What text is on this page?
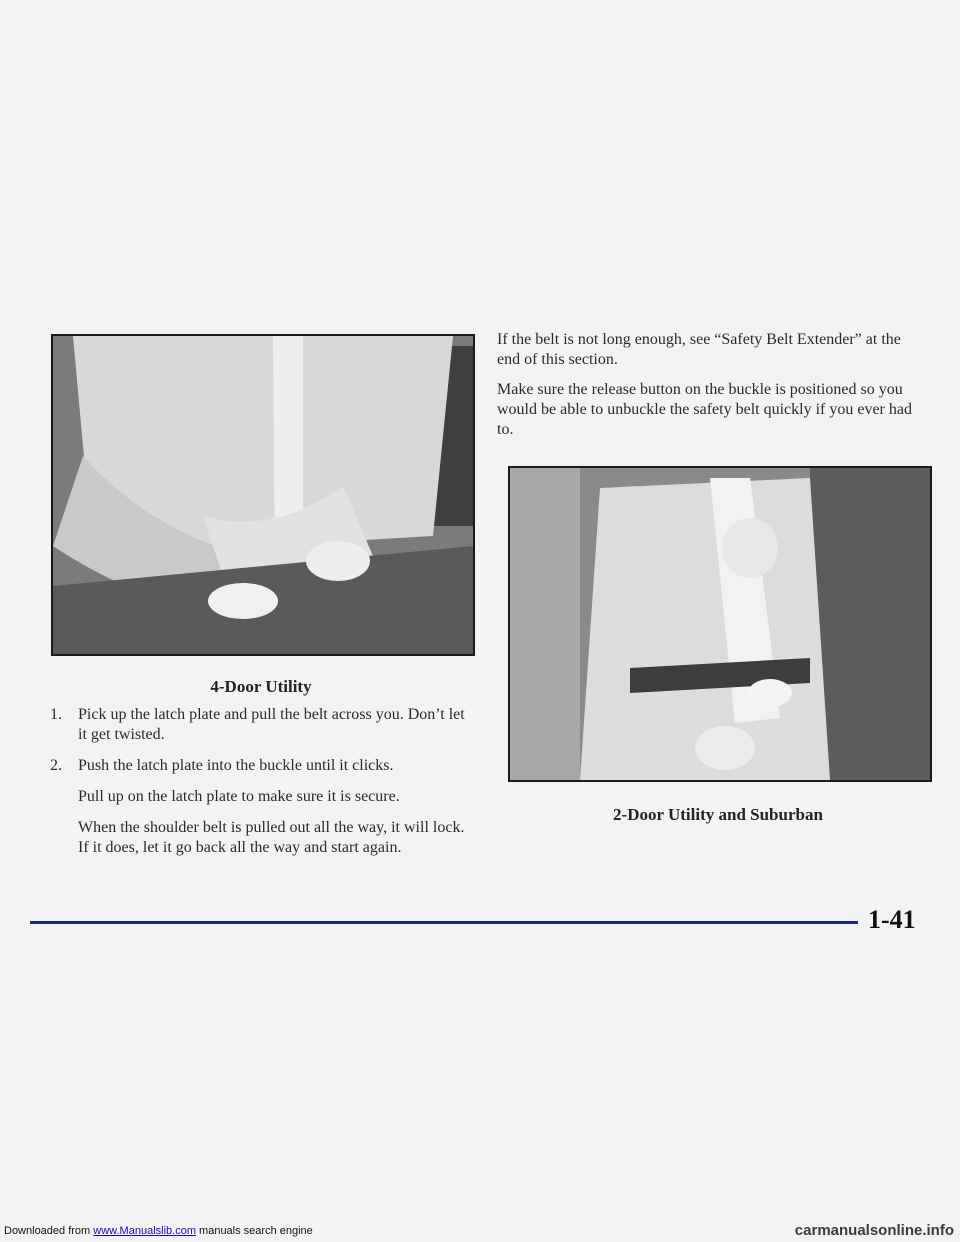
4-Door Utility
1. Pick up the latch plate and pull the belt across you. Don’t let it get twisted.
2. Push the latch plate into the buckle until it clicks.

Pull up on the latch plate to make sure it is secure.

When the shoulder belt is pulled out all the way, it will lock. If it does, let it go back all the way and start again.

If the belt is not long enough, see “Safety Belt Extender” at the end of this section.

Make sure the release button on the buckle is positioned so you would be able to unbuckle the safety belt quickly if you ever had to.

2-Door Utility and Suburban
1-41
Downloaded from www.Manualslib.com manuals search engine	carmanualsonline.info
